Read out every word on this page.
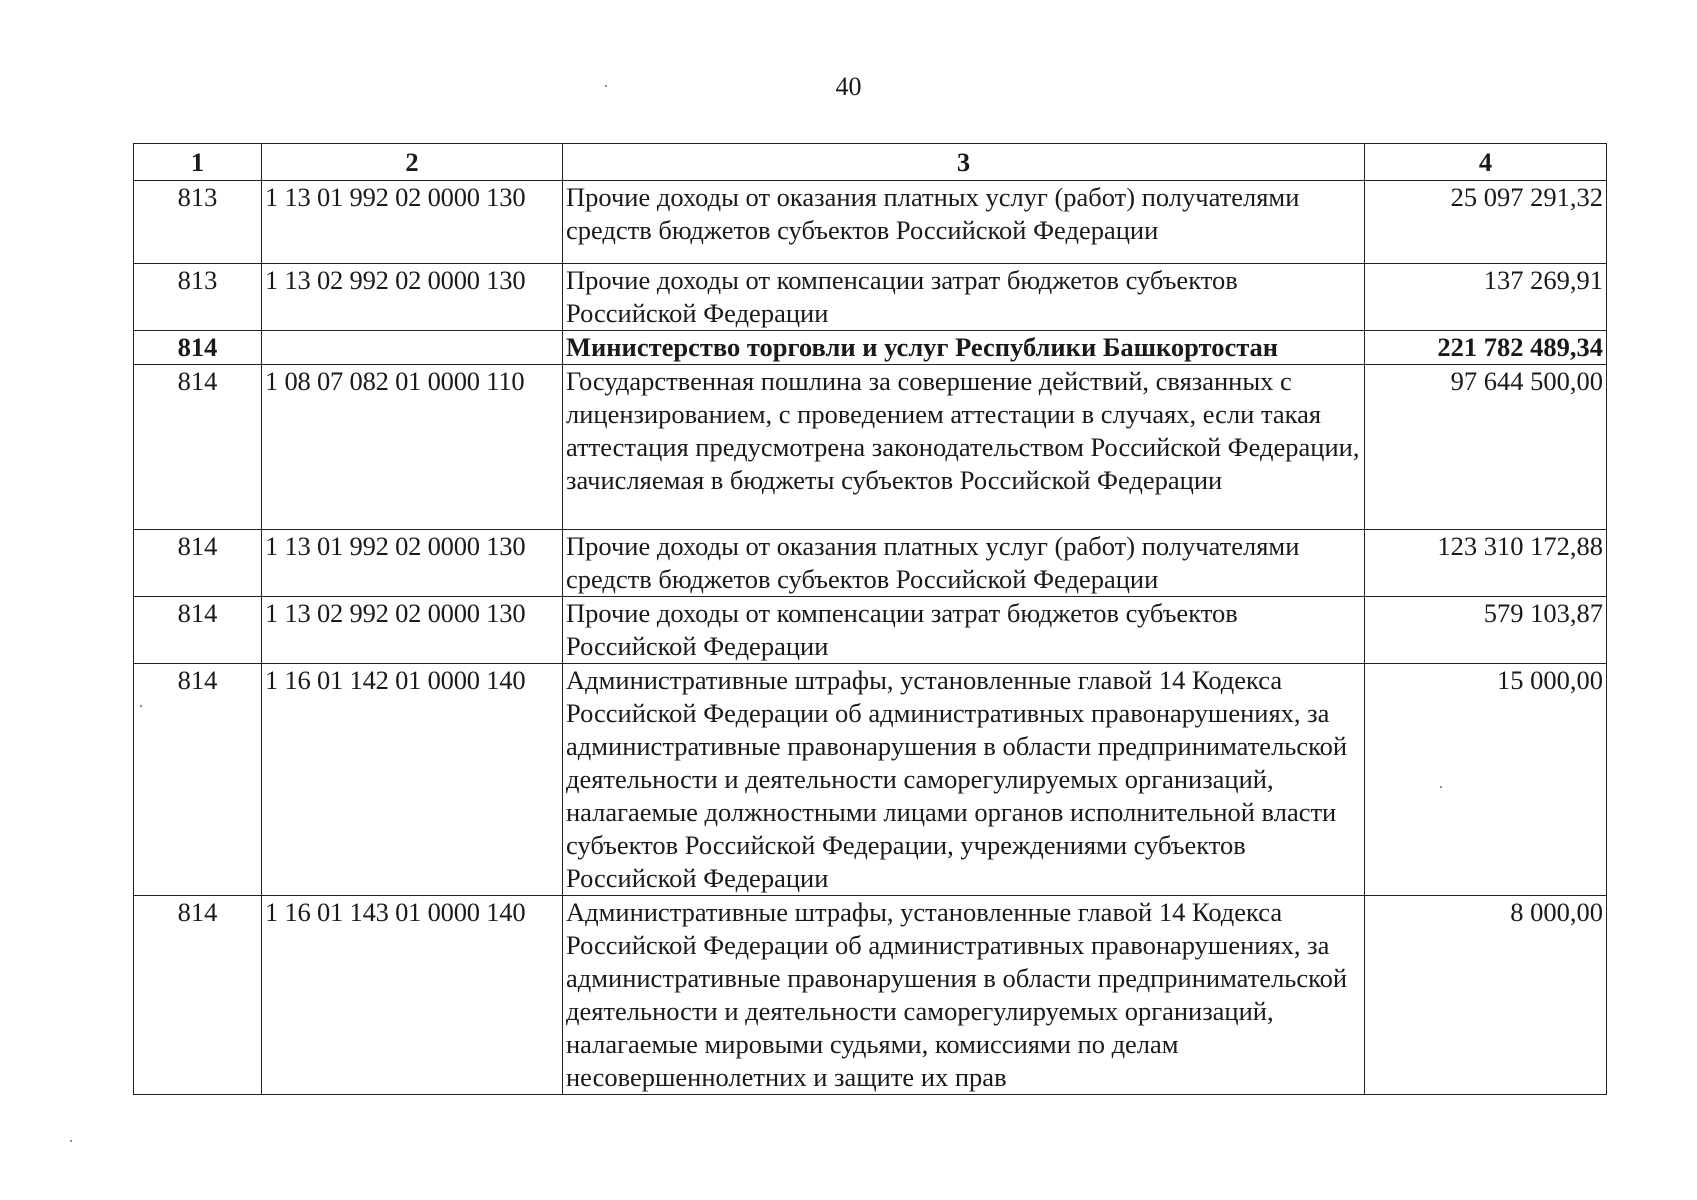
40
1	2	3	4
813	1 13 01 992 02 0000 130	Прочие доходы от оказания платных услуг (работ) получателями средств бюджетов субъектов Российской Федерации	25 097 291,32
813	1 13 02 992 02 0000 130	Прочие доходы от компенсации затрат бюджетов субъектов Российской Федерации	137 269,91
814		Министерство торговли и услуг Республики Башкортостан	221 782 489,34
814	1 08 07 082 01 0000 110	Государственная пошлина за совершение действий, связанных с лицензированием, с проведением аттестации в случаях, если такая аттестация предусмотрена законодательством Российской Федерации, зачисляемая в бюджеты субъектов Российской Федерации	97 644 500,00
814	1 13 01 992 02 0000 130	Прочие доходы от оказания платных услуг (работ) получателями средств бюджетов субъектов Российской Федерации	123 310 172,88
814	1 13 02 992 02 0000 130	Прочие доходы от компенсации затрат бюджетов субъектов Российской Федерации	579 103,87
814	1 16 01 142 01 0000 140	Административные штрафы, установленные главой 14 Кодекса Российской Федерации об административных правонарушениях, за административные правонарушения в области предпринимательской деятельности и деятельности саморегулируемых организаций, налагаемые должностными лицами органов исполнительной власти субъектов Российской Федерации, учреждениями субъектов Российской Федерации	15 000,00
814	1 16 01 143 01 0000 140	Административные штрафы, установленные главой 14 Кодекса Российской Федерации об административных правонарушениях, за административные правонарушения в области предпринимательской деятельности и деятельности саморегулируемых организаций, налагаемые мировыми судьями, комиссиями по делам несовершеннолетних и защите их прав	8 000,00
